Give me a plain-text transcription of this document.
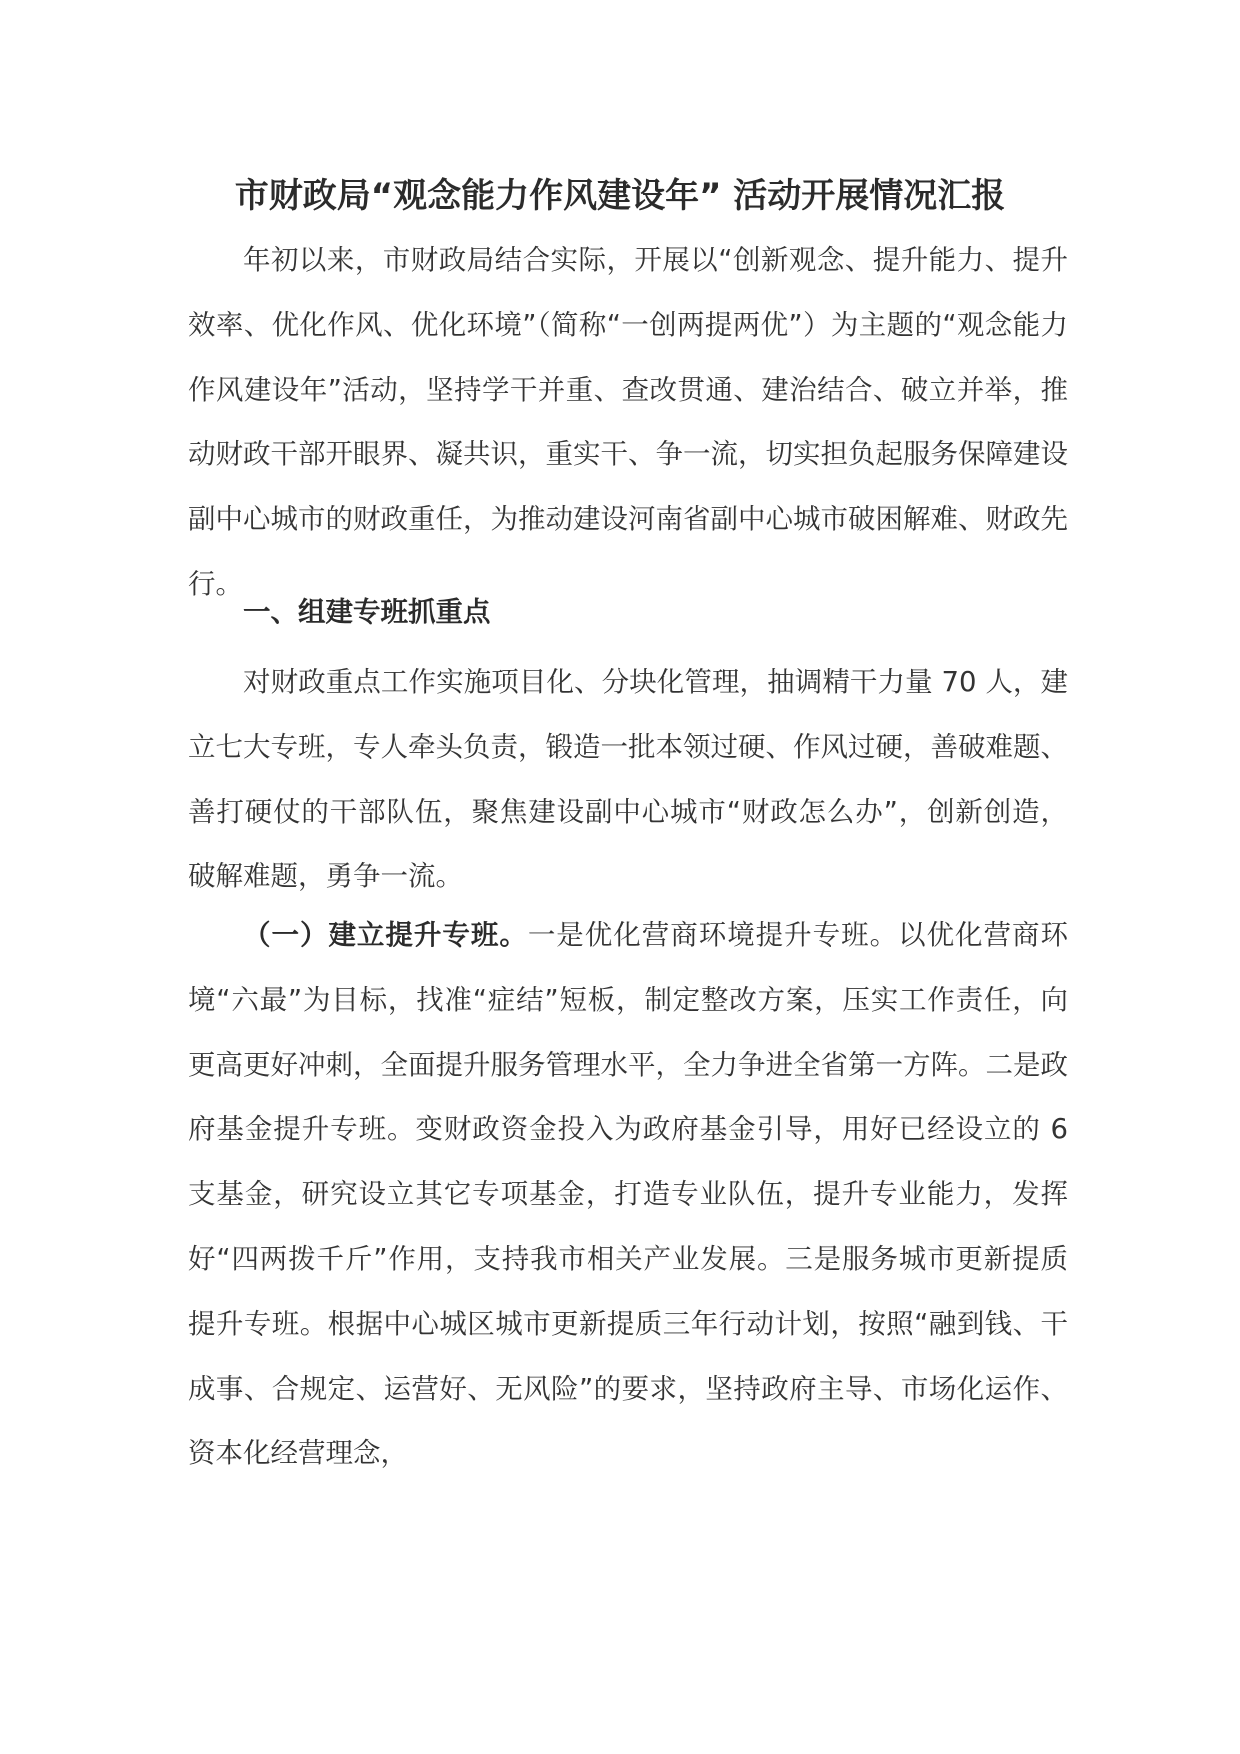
市财政局“观念能力作风建设年” 活动开展情况汇报

年初以来，市财政局结合实际，开展以“创新观念、提升能力、提升效率、优化作风、优化环境”（简称“一创两提两优”）为主题的“观念能力作风建设年”活动，坚持学干并重、查改贯通、建治结合、破立并举，推动财政干部开眼界、凝共识，重实干、争一流，切实担负起服务保障建设副中心城市的财政重任，为推动建设河南省副中心城市破困解难、财政先行。

一、组建专班抓重点

对财政重点工作实施项目化、分块化管理，抽调精干力量 70 人，建立七大专班，专人牵头负责，锻造一批本领过硬、作风过硬，善破难题、善打硬仗的干部队伍，聚焦建设副中心城市“财政怎么办”，创新创造，破解难题，勇争一流。

（一）建立提升专班。一是优化营商环境提升专班。以优化营商环境“六最”为目标，找准“症结”短板，制定整改方案，压实工作责任，向更高更好冲刺，全面提升服务管理水平，全力争进全省第一方阵。二是政府基金提升专班。变财政资金投入为政府基金引导，用好已经设立的 6 支基金，研究设立其它专项基金，打造专业队伍，提升专业能力，发挥好“四两拨千斤”作用，支持我市相关产业发展。三是服务城市更新提质提升专班。根据中心城区城市更新提质三年行动计划，按照“融到钱、干成事、合规定、运营好、无风险”的要求，坚持政府主导、市场化运作、资本化经营理念，
